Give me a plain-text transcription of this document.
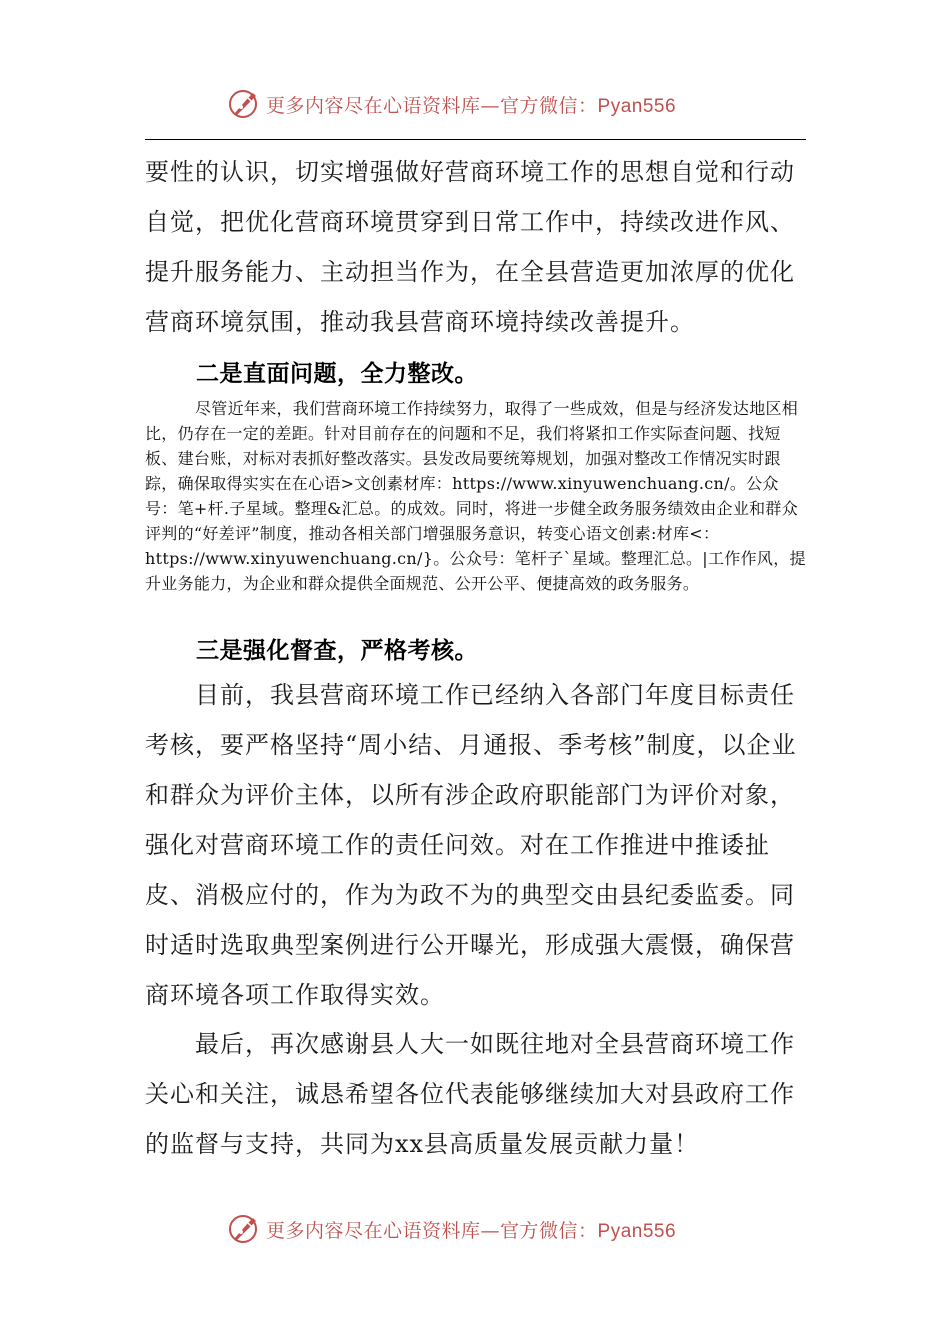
更多内容尽在心语资料库—官方微信：Pyan556

要性的认识，切实增强做好营商环境工作的思想自觉和行动自觉，把优化营商环境贯穿到日常工作中，持续改进作风、提升服务能力、主动担当作为，在全县营造更加浓厚的优化营商环境氛围，推动我县营商环境持续改善提升。

二是直面问题，全力整改。

尽管近年来，我们营商环境工作持续努力，取得了一些成效，但是与经济发达地区相比，仍存在一定的差距。针对目前存在的问题和不足，我们将紧扣工作实际查问题、找短板、建台账，对标对表抓好整改落实。县发改局要统筹规划，加强对整改工作情况实时跟踪，确保取得实实在在心语>文创素材库：https://www.xinyuwenchuang.cn/。公众号：笔+杆.子星域。整理&汇总。的成效。同时，将进一步健全政务服务绩效由企业和群众评判的“好差评”制度，推动各相关部门增强服务意识，转变心语文创素:材库<：https://www.xinyuwenchuang.cn/}。公众号：笔杆子`星域。整理汇总。|工作作风，提升业务能力，为企业和群众提供全面规范、公开公平、便捷高效的政务服务。

三是强化督查，严格考核。

目前，我县营商环境工作已经纳入各部门年度目标责任考核，要严格坚持“周小结、月通报、季考核”制度，以企业和群众为评价主体，以所有涉企政府职能部门为评价对象，强化对营商环境工作的责任问效。对在工作推进中推诿扯皮、消极应付的，作为为政不为的典型交由县纪委监委。同时适时选取典型案例进行公开曝光，形成强大震慑，确保营商环境各项工作取得实效。

最后，再次感谢县人大一如既往地对全县营商环境工作关心和关注，诚恳希望各位代表能够继续加大对县政府工作的监督与支持，共同为xx县高质量发展贡献力量！

更多内容尽在心语资料库—官方微信：Pyan556
